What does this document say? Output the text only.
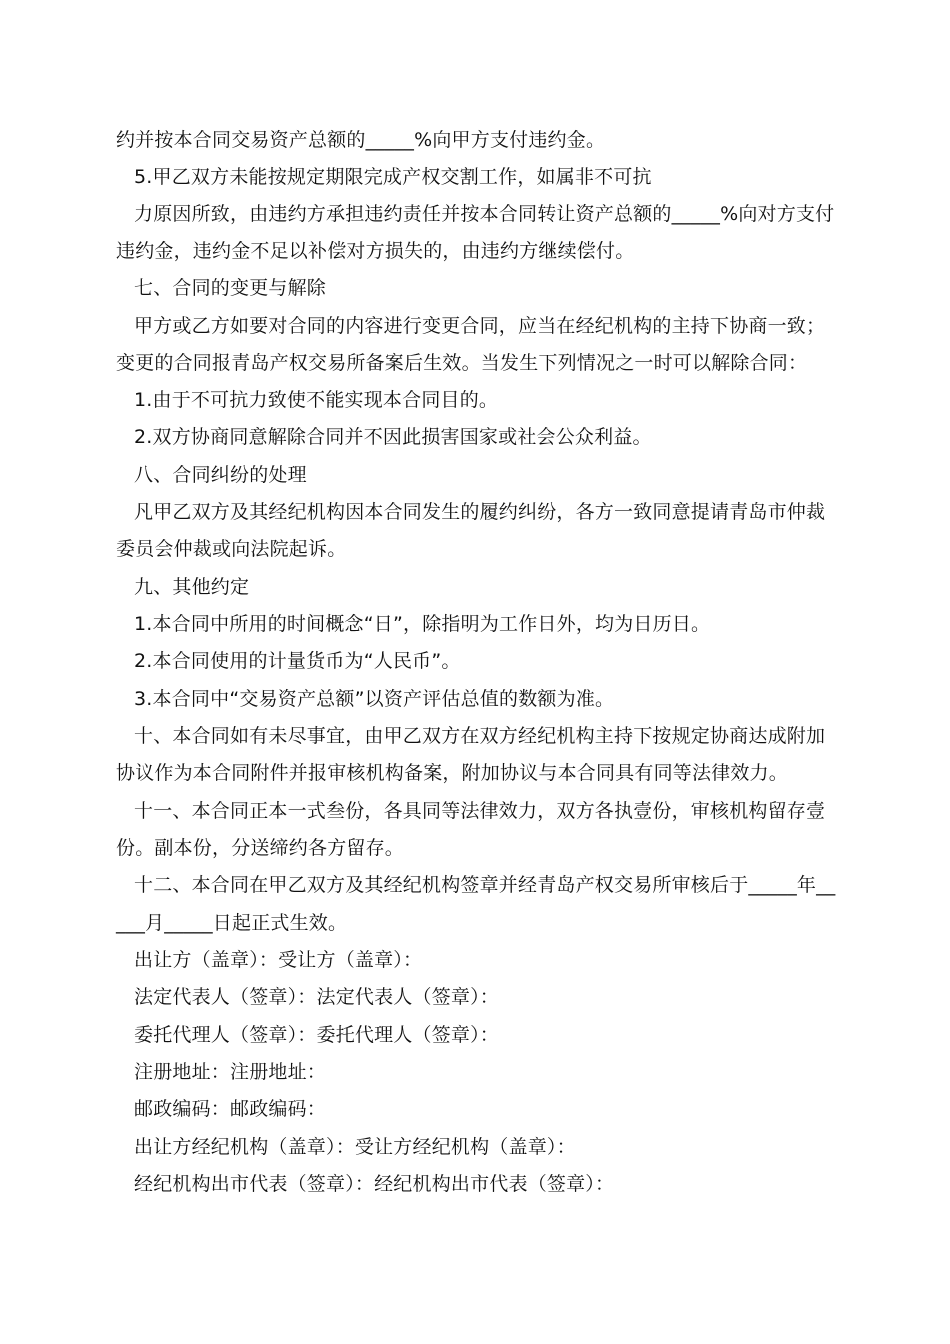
约并按本合同交易资产总额的_____%向甲方支付违约金。
5.甲乙双方未能按规定期限完成产权交割工作，如属非不可抗
力原因所致，由违约方承担违约责任并按本合同转让资产总额的_____%向对方支付
违约金，违约金不足以补偿对方损失的，由违约方继续偿付。
七、合同的变更与解除
甲方或乙方如要对合同的内容进行变更合同，应当在经纪机构的主持下协商一致；
变更的合同报青岛产权交易所备案后生效。当发生下列情况之一时可以解除合同：
1.由于不可抗力致使不能实现本合同目的。
2.双方协商同意解除合同并不因此损害国家或社会公众利益。
八、合同纠纷的处理
凡甲乙双方及其经纪机构因本合同发生的履约纠纷，各方一致同意提请青岛市仲裁
委员会仲裁或向法院起诉。
九、其他约定
1.本合同中所用的时间概念“日”，除指明为工作日外，均为日历日。
2.本合同使用的计量货币为“人民币”。
3.本合同中“交易资产总额”以资产评估总值的数额为准。
十、本合同如有未尽事宜，由甲乙双方在双方经纪机构主持下按规定协商达成附加
协议作为本合同附件并报审核机构备案，附加协议与本合同具有同等法律效力。
十一、本合同正本一式叁份，各具同等法律效力，双方各执壹份，审核机构留存壹
份。副本份，分送缔约各方留存。
十二、本合同在甲乙双方及其经纪机构签章并经青岛产权交易所审核后于_____年__
___月_____日起正式生效。
出让方（盖章）：受让方（盖章）：
法定代表人（签章）：法定代表人（签章）：
委托代理人（签章）：委托代理人（签章）：
注册地址：注册地址：
邮政编码：邮政编码：
出让方经纪机构（盖章）：受让方经纪机构（盖章）：
经纪机构出市代表（签章）：经纪机构出市代表（签章）：
